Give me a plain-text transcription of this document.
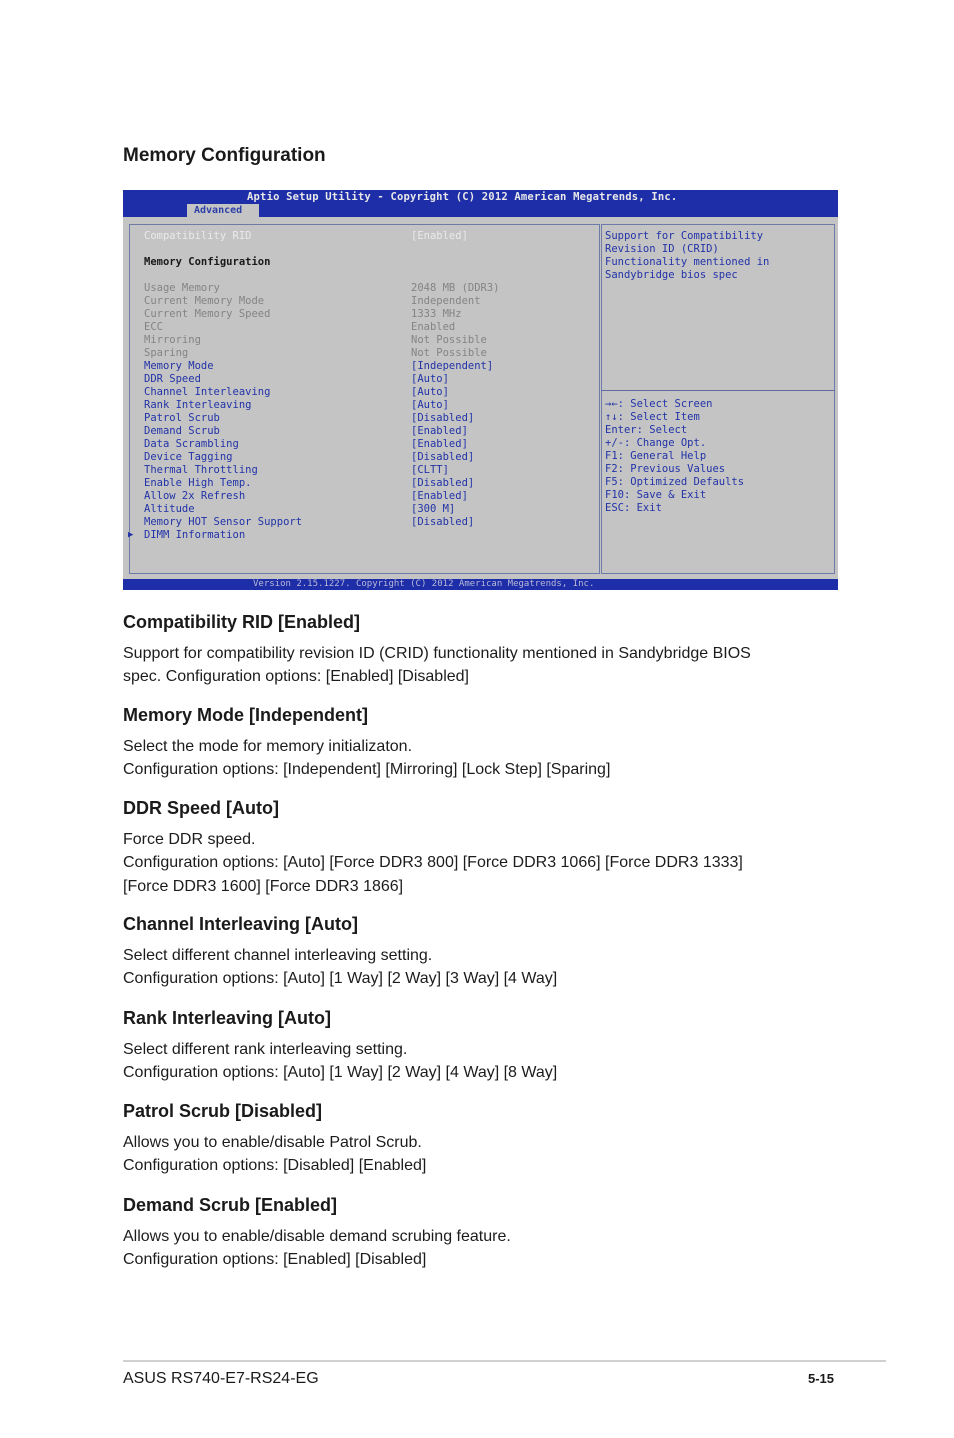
Memory Configuration
Aptio Setup Utility - Copyright (C) 2012 American Megatrends, Inc.
Advanced
Compatibility RID	[Enabled]
Memory Configuration
Usage Memory	2048 MB (DDR3)
Current Memory Mode	Independent
Current Memory Speed	1333 MHz
ECC	Enabled
Mirroring	Not Possible
Sparing	Not Possible
Memory Mode	[Independent]
DDR Speed	[Auto]
Channel Interleaving	[Auto]
Rank Interleaving	[Auto]
Patrol Scrub	[Disabled]
Demand Scrub	[Enabled]
Data Scrambling	[Enabled]
Device Tagging	[Disabled]
Thermal Throttling	[CLTT]
Enable High Temp.	[Disabled]
Allow 2x Refresh	[Enabled]
Altitude	[300 M]
Memory HOT Sensor Support	[Disabled]
▶ DIMM Information
Support for Compatibility
Revision ID (CRID)
Functionality mentioned in
Sandybridge bios spec
→←: Select Screen
↑↓: Select Item
Enter: Select
+/-: Change Opt.
F1: General Help
F2: Previous Values
F5: Optimized Defaults
F10: Save & Exit
ESC: Exit
Version 2.15.1227. Copyright (C) 2012 American Megatrends, Inc.
Compatibility RID [Enabled]
Support for compatibility revision ID (CRID) functionality mentioned in Sandybridge BIOS
spec. Configuration options: [Enabled] [Disabled]
Memory Mode [Independent]
Select the mode for memory initializaton.
Configuration options: [Independent] [Mirroring] [Lock Step] [Sparing]
DDR Speed [Auto]
Force DDR speed.
Configuration options: [Auto] [Force DDR3 800] [Force DDR3 1066] [Force DDR3 1333]
[Force DDR3 1600] [Force DDR3 1866]
Channel Interleaving [Auto]
Select different channel interleaving setting.
Configuration options: [Auto] [1 Way] [2 Way] [3 Way] [4 Way]
Rank Interleaving [Auto]
Select different rank interleaving setting.
Configuration options: [Auto] [1 Way] [2 Way] [4 Way] [8 Way]
Patrol Scrub [Disabled]
Allows you to enable/disable Patrol Scrub.
Configuration options: [Disabled] [Enabled]
Demand Scrub [Enabled]
Allows you to enable/disable demand scrubing feature.
Configuration options: [Enabled] [Disabled]
ASUS RS740-E7-RS24-EG	5-15
